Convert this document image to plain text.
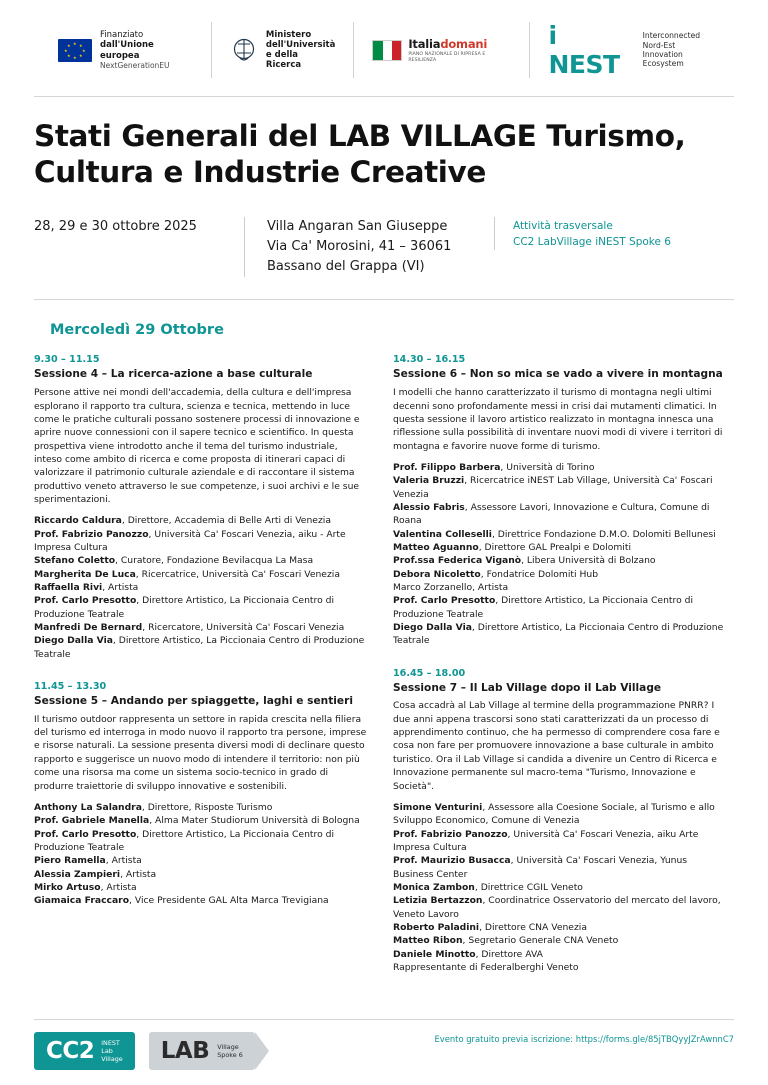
★ ★
★
★
★
★
★
★
Finanziato
dall'Unione europea
NextGenerationEU
Ministero
dell'Università
e della Ricerca
Italiadomani
PIANO NAZIONALE DI RIPRESA E RESILIENZA
i NEST
Interconnected
Nord-Est Innovation
Ecosystem
Stati Generali del LAB VILLAGE Turismo, Cultura e Industrie Creative
28, 29 e 30 ottobre 2025	Villa Angaran San Giuseppe
Via Ca' Morosini, 41 – 36061
Bassano del Grappa (VI)
Attività trasversale
CC2 LabVillage iNEST Spoke 6
Mercoledì 29 Ottobre
9.30 – 11.15
Sessione 4 – La ricerca-azione a base culturale
Persone attive nei mondi dell'accademia, della cultura e dell'impresa esplorano il rapporto tra cultura, scienza e tecnica, mettendo in luce come le pratiche culturali possano sostenere processi di innovazione e aprire nuove connessioni con il sapere tecnico e scientifico. In questa prospettiva viene introdotto anche il tema del turismo industriale, inteso come ambito di ricerca e come proposta di itinerari capaci di valorizzare il patrimonio culturale aziendale e di raccontare il sistema produttivo veneto attraverso le sue competenze, i suoi archivi e le sue sperimentazioni.

Riccardo Caldura, Direttore, Accademia di Belle Arti di Venezia

Prof. Fabrizio Panozzo, Università Ca' Foscari Venezia, aiku - Arte Impresa Cultura

Stefano Coletto, Curatore, Fondazione Bevilacqua La Masa

Margherita De Luca, Ricercatrice, Università Ca' Foscari Venezia

Raffaella Rivi, Artista

Prof. Carlo Presotto, Direttore Artistico, La Piccionaia Centro di Produzione Teatrale

Manfredi De Bernard, Ricercatore, Università Ca' Foscari Venezia

Diego Dalla Via, Direttore Artistico, La Piccionaia Centro di Produzione Teatrale

11.45 – 13.30
Sessione 5 – Andando per spiaggette, laghi e sentieri
Il turismo outdoor rappresenta un settore in rapida crescita nella filiera del turismo ed interroga in modo nuovo il rapporto tra persone, imprese e risorse naturali. La sessione presenta diversi modi di declinare questo rapporto e suggerisce un nuovo modo di intendere il territorio: non più come una risorsa ma come un sistema socio-tecnico in grado di produrre traiettorie di sviluppo innovative e sostenibili.

Anthony La Salandra, Direttore, Risposte Turismo

Prof. Gabriele Manella, Alma Mater Studiorum Università di Bologna

Prof. Carlo Presotto, Direttore Artistico, La Piccionaia Centro di Produzione Teatrale

Piero Ramella, Artista

Alessia Zampieri, Artista

Mirko Artuso, Artista

Giamaica Fraccaro, Vice Presidente GAL Alta Marca Trevigiana

14.30 – 16.15
Sessione 6 – Non so mica se vado a vivere in montagna
I modelli che hanno caratterizzato il turismo di montagna negli ultimi decenni sono profondamente messi in crisi dai mutamenti climatici. In questa sessione il lavoro artistico realizzato in montagna innesca una riflessione sulla possibilità di inventare nuovi modi di vivere i territori di montagna e favorire nuove forme di turismo.

Prof. Filippo Barbera, Università di Torino

Valeria Bruzzi, Ricercatrice iNEST Lab Village, Università Ca' Foscari Venezia

Alessio Fabris, Assessore Lavori, Innovazione e Cultura, Comune di Roana

Valentina Colleselli, Direttrice Fondazione D.M.O. Dolomiti Bellunesi

Matteo Aguanno, Direttore GAL Prealpi e Dolomiti

Prof.ssa Federica Viganò, Libera Università di Bolzano

Debora Nicoletto, Fondatrice Dolomiti Hub

Marco Zorzanello, Artista

Prof. Carlo Presotto, Direttore Artistico, La Piccionaia Centro di Produzione Teatrale

Diego Dalla Via, Direttore Artistico, La Piccionaia Centro di Produzione Teatrale

16.45 – 18.00
Sessione 7 – Il Lab Village dopo il Lab Village
Cosa accadrà al Lab Village al termine della programmazione PNRR? I due anni appena trascorsi sono stati caratterizzati da un processo di apprendimento continuo, che ha permesso di comprendere cosa fare e cosa non fare per promuovere innovazione a base culturale in ambito turistico. Ora il Lab Village si candida a divenire un Centro di Ricerca e Innovazione permanente sul macro-tema "Turismo, Innovazione e Società".

Simone Venturini, Assessore alla Coesione Sociale, al Turismo e allo Sviluppo Economico, Comune di Venezia

Prof. Fabrizio Panozzo, Università Ca' Foscari Venezia, aiku Arte Impresa Cultura

Prof. Maurizio Busacca, Università Ca' Foscari Venezia, Yunus Business Center

Monica Zambon, Direttrice CGIL Veneto

Letizia Bertazzon, Coordinatrice Osservatorio del mercato del lavoro, Veneto Lavoro

Roberto Paladini, Direttore CNA Venezia

Matteo Ribon, Segretario Generale CNA Veneto

Daniele Minotto, Direttore AVA

Rappresentante di Federalberghi Veneto

CC2 iNEST
Lab
Village LAB Village
Spoke 6
Evento gratuito previa iscrizione: https://forms.gle/85jTBQyyJZrAwnnC7
